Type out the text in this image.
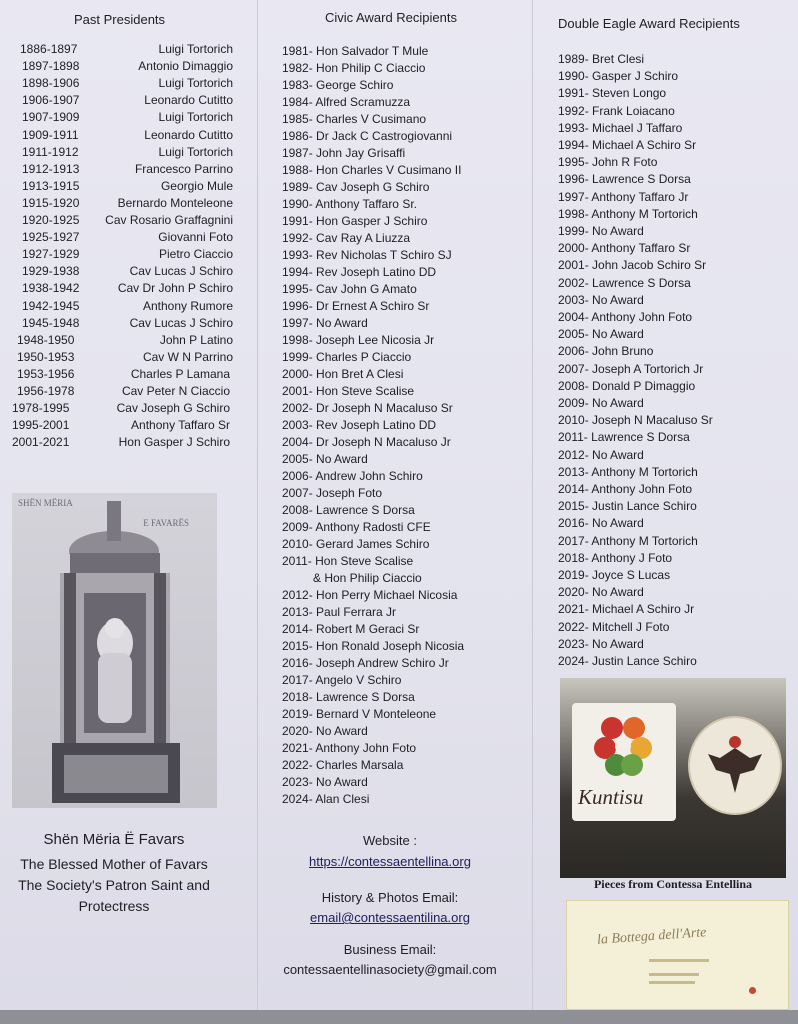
Past Presidents
1886-1897	Luigi Tortorich
1897-1898	Antonio Dimaggio
1898-1906	Luigi Tortorich
1906-1907	Leonardo Cutitto
1907-1909	Luigi Tortorich
1909-1911	Leonardo Cutitto
1911-1912	Luigi Tortorich
1912-1913	Francesco Parrino
1913-1915	Georgio Mule
1915-1920	Bernardo Monteleone
1920-1925	Cav Rosario Graffagnini
1925-1927	Giovanni Foto
1927-1929	Pietro Ciaccio
1929-1938	Cav Lucas J Schiro
1938-1942	Cav Dr John P Schiro
1942-1945	Anthony Rumore
1945-1948	Cav Lucas J Schiro
1948-1950	John P Latino
1950-1953	Cav W N Parrino
1953-1956	Charles P Lamana
1956-1978	Cav Peter N Ciaccio
1978-1995	Cav Joseph G Schiro
1995-2001	Anthony Taffaro Sr
2001-2021	Hon Gasper J Schiro
SHËN MËRIA
E FAVARËS
Shën Mëria Ë Favars
The Blessed Mother of Favars
The Society's Patron Saint and
Protectress
Civic Award Recipients
1981- Hon Salvador T Mule
1982- Hon Philip C Ciaccio
1983- George Schiro
1984- Alfred Scramuzza
1985- Charles V Cusimano
1986- Dr Jack C Castrogiovanni
1987- John Jay Grisaffi
1988- Hon Charles V Cusimano II
1989- Cav Joseph G Schiro
1990- Anthony Taffaro Sr.
1991- Hon Gasper J Schiro
1992- Cav Ray A Liuzza
1993- Rev Nicholas T Schiro SJ
1994- Rev Joseph Latino DD
1995- Cav John G Amato
1996- Dr Ernest A Schiro Sr
1997- No Award
1998- Joseph Lee Nicosia Jr
1999- Charles P Ciaccio
2000- Hon Bret A Clesi
2001- Hon Steve Scalise
2002- Dr Joseph N Macaluso Sr
2003- Rev Joseph Latino DD
2004- Dr Joseph N Macaluso Jr
2005- No Award
2006- Andrew John Schiro
2007- Joseph Foto
2008- Lawrence S Dorsa
2009- Anthony Radosti CFE
2010- Gerard James Schiro
2011- Hon Steve Scalise
& Hon Philip Ciaccio
2012- Hon Perry Michael Nicosia
2013- Paul Ferrara Jr
2014- Robert M Geraci Sr
2015- Hon Ronald Joseph Nicosia
2016- Joseph Andrew Schiro Jr
2017- Angelo V Schiro
2018- Lawrence S Dorsa
2019- Bernard V Monteleone
2020- No Award
2021- Anthony John Foto
2022- Charles Marsala
2023- No Award
2024- Alan Clesi
Website :
https://contessaentellina.org
History & Photos Email:
email@contessaentilina.org
Business Email:
contessaentellinasociety@gmail.com
Double Eagle Award Recipients
1989- Bret Clesi
1990- Gasper J Schiro
1991- Steven Longo
1992- Frank Loiacano
1993- Michael J Taffaro
1994- Michael A Schiro Sr
1995- John R Foto
1996- Lawrence S Dorsa
1997- Anthony Taffaro Jr
1998- Anthony M Tortorich
1999- No Award
2000- Anthony Taffaro Sr
2001- John Jacob Schiro Sr
2002- Lawrence S Dorsa
2003- No Award
2004- Anthony John Foto
2005- No Award
2006- John Bruno
2007- Joseph A Tortorich Jr
2008- Donald P Dimaggio
2009- No Award
2010- Joseph N Macaluso Sr
2011- Lawrence S Dorsa
2012- No Award
2013- Anthony M Tortorich
2014- Anthony John Foto
2015- Justin Lance Schiro
2016- No Award
2017- Anthony M Tortorich
2018- Anthony J Foto
2019- Joyce S Lucas
2020- No Award
2021- Michael A Schiro Jr
2022- Mitchell J Foto
2023- No Award
2024- Justin Lance Schiro
Kuntisu
Pieces from Contessa Entellina
la Bottega dell'Arte
